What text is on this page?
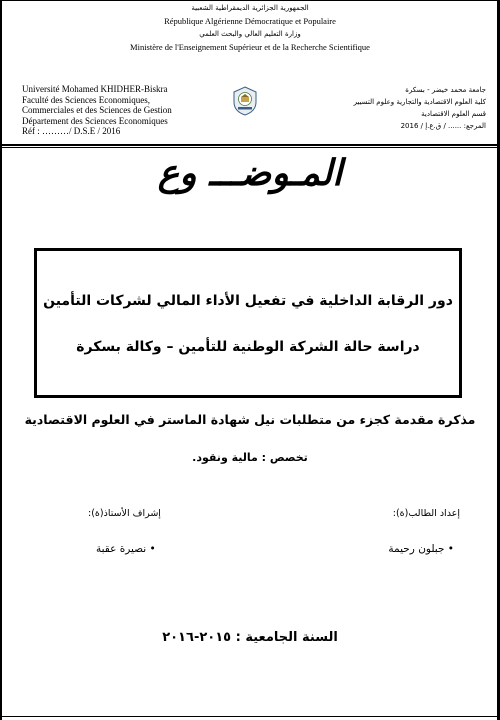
الجمهورية الجزائرية الديمقراطية الشعبية
République Algérienne Démocratique et Populaire
وزارة التعليم العالي والبحث العلمي
Ministère de l'Enseignement Supérieur et de la Recherche Scientifique
Université Mohamed KHIDHER-Biskra
Faculté des Sciences Economiques,
Commerciales et des Sciences de Gestion
Département des Sciences Economiques
Réf : ………/ D.S.E / 2016
جامعة محمد خيضر - بسكرة
كلية العلوم الاقتصادية والتجارية وعلوم التسيير
قسم العلوم الاقتصادية
المرجع: ...... / ق.ع.إ / 2016
المـوضـــ وع
دور الرقابة الداخلية في تفعيل الأداء المالي لشركات التأمين
دراسة حالة الشركة الوطنية للتأمين – وكالة بسكرة
مذكرة مقدمة كجزء من متطلبات نيل شهادة الماستر في العلوم الاقتصادية
تخصص : مالية ونقود.
إعداد الطالب(ة):
إشراف الأستاذ(ة):
• جبلون رحيمة
• نصيرة عقبة
السنة الجامعية : ٢٠١٥-٢٠١٦
